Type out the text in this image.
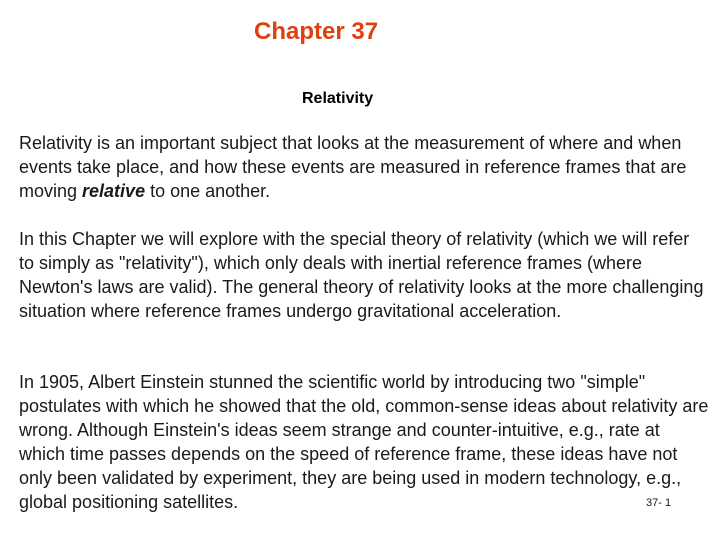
Chapter 37
Relativity

Relativity is an important subject that looks at the measurement of where and when events take place, and how these events are measured in reference frames that are moving relative to one another.

In this Chapter we will explore with the special theory of relativity (which we will refer to simply as "relativity"), which only deals with inertial reference frames (where Newton's laws are valid). The general theory of relativity looks at the more challenging situation where reference frames undergo gravitational acceleration.

In 1905, Albert Einstein stunned the scientific world by introducing two "simple" postulates with which he showed that the old, common-sense ideas about relativity are wrong. Although Einstein's ideas seem strange and counter-intuitive, e.g., rate at which time passes depends on the speed of reference frame, these ideas have not only been validated by experiment, they are being used in modern technology, e.g., global positioning satellites.	37- 1
